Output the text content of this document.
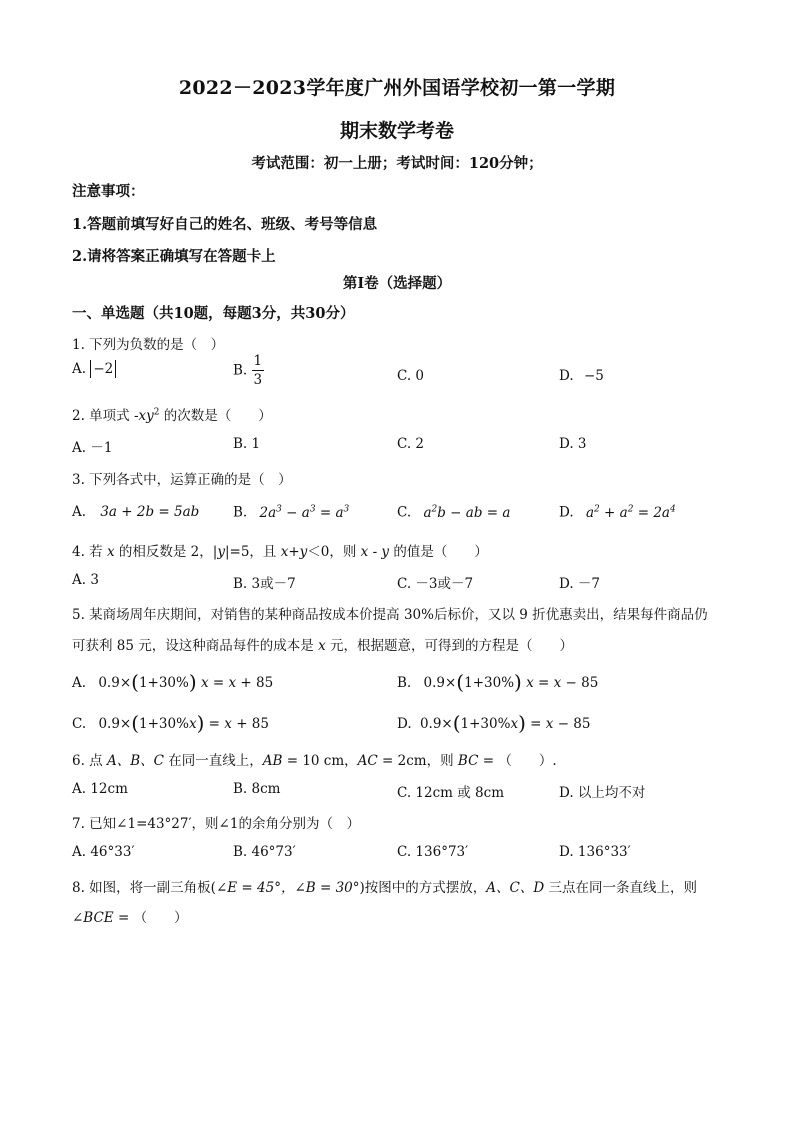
2022－2023学年度广州外国语学校初一第一学期
期末数学考卷
考试范围：初一上册；考试时间：120分钟；
注意事项：
1.答题前填写好自己的姓名、班级、考号等信息
2.请将答案正确填写在答题卡上
第I卷（选择题）
一、单选题（共10题，每题3分，共30分）
1. 下列为负数的是（　）
A. −2	B. $\frac{1}{3}$	C. 0	D. −5
2. 单项式 $-xy^2$ 的次数是（　　）
A. －1	B. 1	C. 2	D. 3
3. 下列各式中，运算正确的是（　）
A. 3a + 2b = 5ab B. $2a^3 - a^3 = a^3$	C. $a^2b$ − ab = a	D. $a^2 + a^2 = 2a^4$
4. 若 x 的相反数是 2，|y|=5，且 x+y＜0，则 x - y 的值是（　　）
A. 3	B. 3或－7	C. －3或－7	D. －7
5. 某商场周年庆期间，对销售的某种商品按成本价提高 30%后标价，又以 9 折优惠卖出，结果每件商品仍
可获利 85 元，设这种商品每件的成本是 x 元，根据题意，可得到的方程是（　　）
A. 0.9×(1+30%) x = x + 85	B. 0.9×(1+30%) x = x − 85
C. 0.9×(1+30%x) = x + 85	D. 0.9×(1+30%x) = x − 85
6. 点 A、B、C 在同一直线上，AB = 10 cm，AC = 2cm，则 BC = （　　）.
A. 12cm	B. 8cm	C. 12cm 或 8cm	D. 以上均不对
7. 已知∠1=43°27′，则∠1的余角分别为（　）
A. 46°33′	B. 46°73′	C. 136°73′	D. 136°33′
8. 如图，将一副三角板(∠E = 45°，∠B = 30°)按图中的方式摆放，A、C、D 三点在同一条直线上，则
∠BCE = （　　）
